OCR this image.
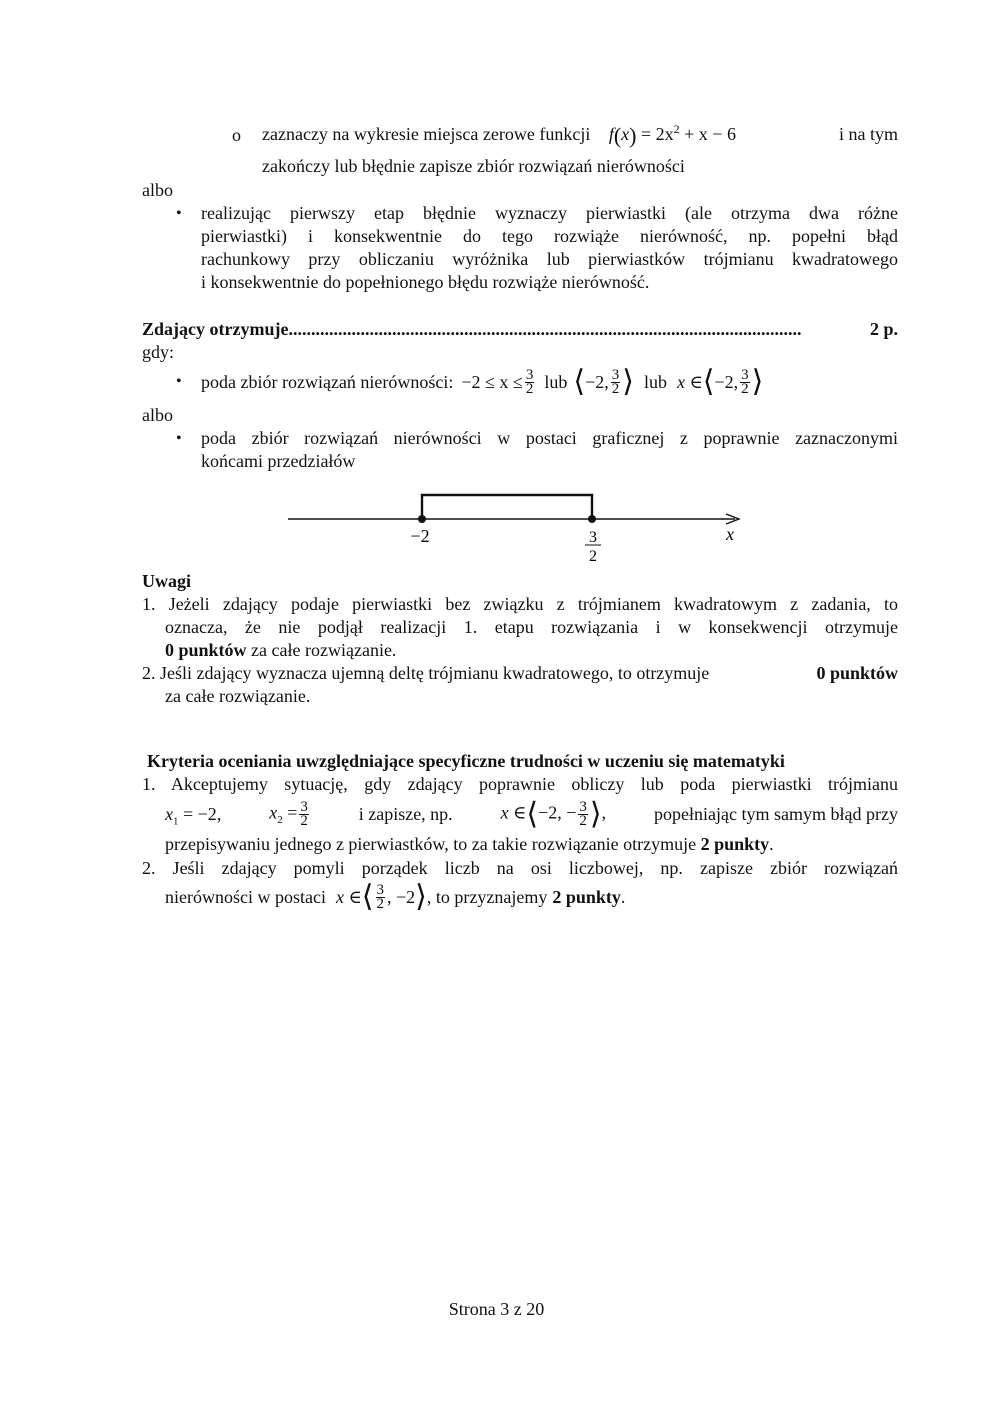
o zaznaczy na wykresie miejsca zerowe funkcji $f(x) = 2x^2 + x - 6$	i na tym
zakończy lub błędnie zapisze zbiór rozwiązań nierówności
albo
• realizując pierwszy etap błędnie wyznaczy pierwiastki (ale otrzyma dwa różne
pierwiastki) i konsekwentnie do tego rozwiąże nierówność, np. popełni błąd
rachunkowy przy obliczaniu wyróżnika lub pierwiastków trójmianu kwadratowego
i konsekwentnie do popełnionego błędu rozwiąże nierówność.
Zdający otrzymuje ..................................................................................................................	2 p.
gdy:
• poda zbiór rozwiązań nierówności: $-2 \le x \le \frac{3}{2}$ lub ⟨ −2, $\frac{3}{2}$ ⟩ lub x ∈ ⟨ −2, $\frac{3}{2}$ ⟩
albo
• poda zbiór rozwiązań nierówności w postaci graficznej z poprawnie zaznaczonymi
końcami przedziałów
−2	3
2
x
Uwagi
1. Jeżeli zdający podaje pierwiastki bez związku z trójmianem kwadratowym z zadania, to
oznacza, że nie podjął realizacji 1. etapu rozwiązania i w konsekwencji otrzymuje
0 punktów za całe rozwiązanie.
2. Jeśli zdający wyznacza ujemną deltę trójmianu kwadratowego, to otrzymuje	0 punktów
za całe rozwiązanie.
Kryteria oceniania uwzględniające specyficzne trudności w uczeniu się matematyki
1. Akceptujemy sytuację, gdy zdający poprawnie obliczy lub poda pierwiastki trójmianu
$x_1 = -2$,	$x_2 = \frac{3}{2}$	i zapisze, np.	x ∈⟨−2, − $\frac{3}{2}$ ⟩,	popełniając tym samym błąd przy
przepisywaniu jednego z pierwiastków, to za takie rozwiązanie otrzymuje 2 punkty.
2. Jeśli zdający pomyli porządek liczb na osi liczbowej, np. zapisze zbiór rozwiązań
nierówności w postaci x ∈ ⟨ $\frac{3}{2}$ , −2 ⟩ , to przyznajemy 2 punkty .
Strona 3 z 20
